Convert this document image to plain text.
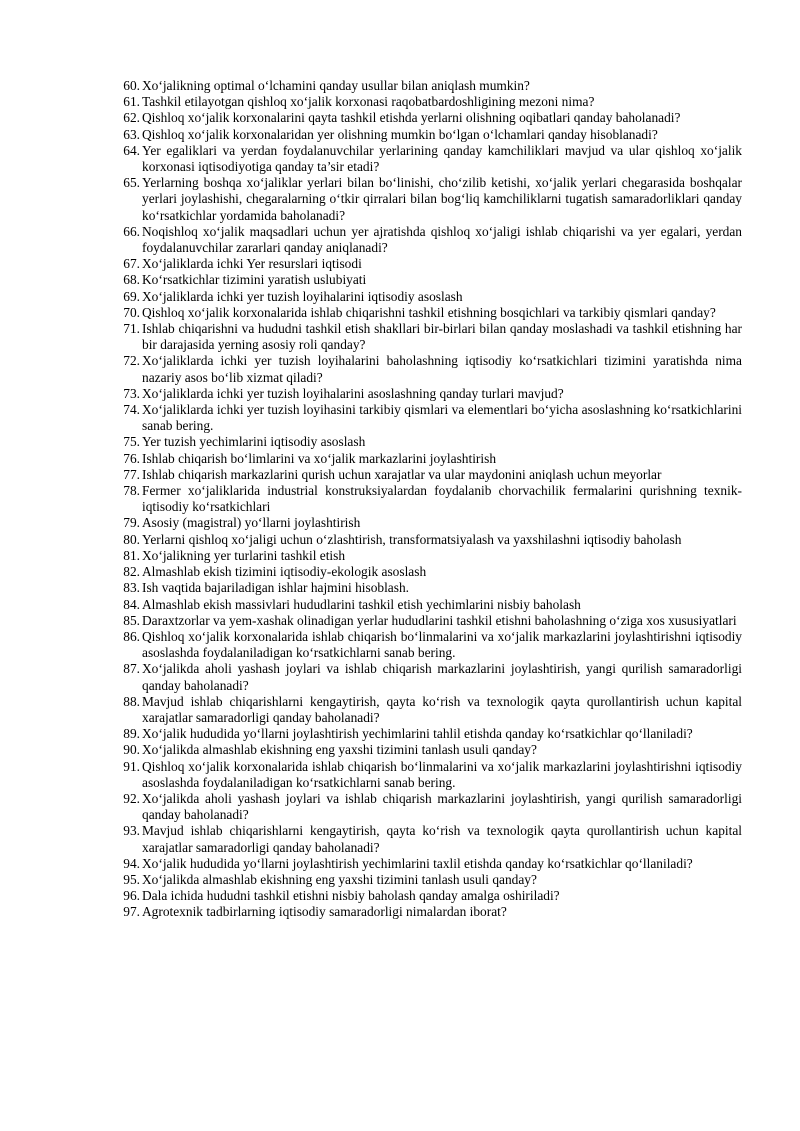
60. Xo‘jalikning optimal o‘lchamini qanday usullar bilan aniqlash mumkin?
61. Tashkil etilayotgan qishloq xo‘jalik korxonasi raqobatbardoshligining mezoni nima?
62. Qishloq xo‘jalik korxonalarini qayta tashkil etishda yerlarni olishning oqibatlari qanday baholanadi?
63. Qishloq xo‘jalik korxonalaridan yer olishning mumkin bo‘lgan o‘lchamlari qanday hisoblanadi?
64. Yer egaliklari va yerdan foydalanuvchilar yerlarining qanday kamchiliklari mavjud va ular qishloq xo‘jalik korxonasi iqtisodiyotiga qanday ta’sir etadi?
65. Yerlarning boshqa xo‘jaliklar yerlari bilan bo‘linishi, cho‘zilib ketishi, xo‘jalik yerlari chegarasida boshqalar yerlari joylashishi, chegaralarning o‘tkir qirralari bilan bog‘liq kamchiliklarni tugatish samaradorliklari qanday ko‘rsatkichlar yordamida baholanadi?
66. Noqishloq xo‘jalik maqsadlari uchun yer ajratishda qishloq xo‘jaligi ishlab chiqarishi va yer egalari, yerdan foydalanuvchilar zararlari qanday aniqlanadi?
67. Xo‘jaliklarda ichki Yer resurslari iqtisodi
68. Ko‘rsatkichlar tizimini yaratish uslubiyati
69. Xo‘jaliklarda ichki yer tuzish loyihalarini iqtisodiy asoslash
70. Qishloq xo‘jalik korxonalarida ishlab chiqarishni tashkil etishning bosqichlari va tarkibiy qismlari qanday?
71. Ishlab chiqarishni va hududni tashkil etish shakllari bir-birlari bilan qanday moslashadi va tashkil etishning har bir darajasida yerning asosiy roli qanday?
72. Xo‘jaliklarda ichki yer tuzish loyihalarini baholashning iqtisodiy ko‘rsatkichlari tizimini yaratishda nima nazariy asos bo‘lib xizmat qiladi?
73. Xo‘jaliklarda ichki yer tuzish loyihalarini asoslashning qanday turlari mavjud?
74. Xo‘jaliklarda ichki yer tuzish loyihasini tarkibiy qismlari va elementlari bo‘yicha asoslashning ko‘rsatkichlarini sanab bering.
75. Yer tuzish yechimlarini iqtisodiy asoslash
76. Ishlab chiqarish bo‘limlarini va xo‘jalik markazlarini joylashtirish
77. Ishlab chiqarish markazlarini qurish uchun xarajatlar va ular maydonini aniqlash uchun meyorlar
78. Fermer xo‘jaliklarida industrial konstruksiyalardan foydalanib chorvachilik fermalarini qurishning texnik-iqtisodiy ko‘rsatkichlari
79. Asosiy (magistral) yo‘llarni joylashtirish
80. Yerlarni qishloq xo‘jaligi uchun o‘zlashtirish, transformatsiyalash va yaxshilashni iqtisodiy baholash
81. Xo‘jalikning yer turlarini tashkil etish
82. Almashlab ekish tizimini iqtisodiy-ekologik asoslash
83. Ish vaqtida bajariladigan ishlar hajmini hisoblash.
84. Almashlab ekish massivlari hududlarini tashkil etish yechimlarini nisbiy baholash
85. Daraxtzorlar va yem-xashak olinadigan yerlar hududlarini tashkil etishni baholashning o‘ziga xos xususiyatlari
86. Qishloq xo‘jalik korxonalarida ishlab chiqarish bo‘linmalarini va xo‘jalik markazlarini joylashtirishni iqtisodiy asoslashda foydalaniladigan ko‘rsatkichlarni sanab bering.
87. Xo‘jalikda aholi yashash joylari va ishlab chiqarish markazlarini joylashtirish, yangi qurilish samaradorligi qanday baholanadi?
88. Mavjud ishlab chiqarishlarni kengaytirish, qayta ko‘rish va texnologik qayta qurollantirish uchun kapital xarajatlar samaradorligi qanday baholanadi?
89. Xo‘jalik hududida yo‘llarni joylashtirish yechimlarini tahlil etishda qanday ko‘rsatkichlar qo‘llaniladi?
90. Xo‘jalikda almashlab ekishning eng yaxshi tizimini tanlash usuli qanday?
91. Qishloq xo‘jalik korxonalarida ishlab chiqarish bo‘linmalarini va xo‘jalik markazlarini joylashtirishni iqtisodiy asoslashda foydalaniladigan ko‘rsatkichlarni sanab bering.
92. Xo‘jalikda aholi yashash joylari va ishlab chiqarish markazlarini joylashtirish, yangi qurilish samaradorligi qanday baholanadi?
93. Mavjud ishlab chiqarishlarni kengaytirish, qayta ko‘rish va texnologik qayta qurollantirish uchun kapital xarajatlar samaradorligi qanday baholanadi?
94. Xo‘jalik hududida yo‘llarni joylashtirish yechimlarini taxlil etishda qanday ko‘rsatkichlar qo‘llaniladi?
95. Xo‘jalikda almashlab ekishning eng yaxshi tizimini tanlash usuli qanday?
96. Dala ichida hududni tashkil etishni nisbiy baholash qanday amalga oshiriladi?
97. Agrotexnik tadbirlarning iqtisodiy samaradorligi nimalardan iborat?
